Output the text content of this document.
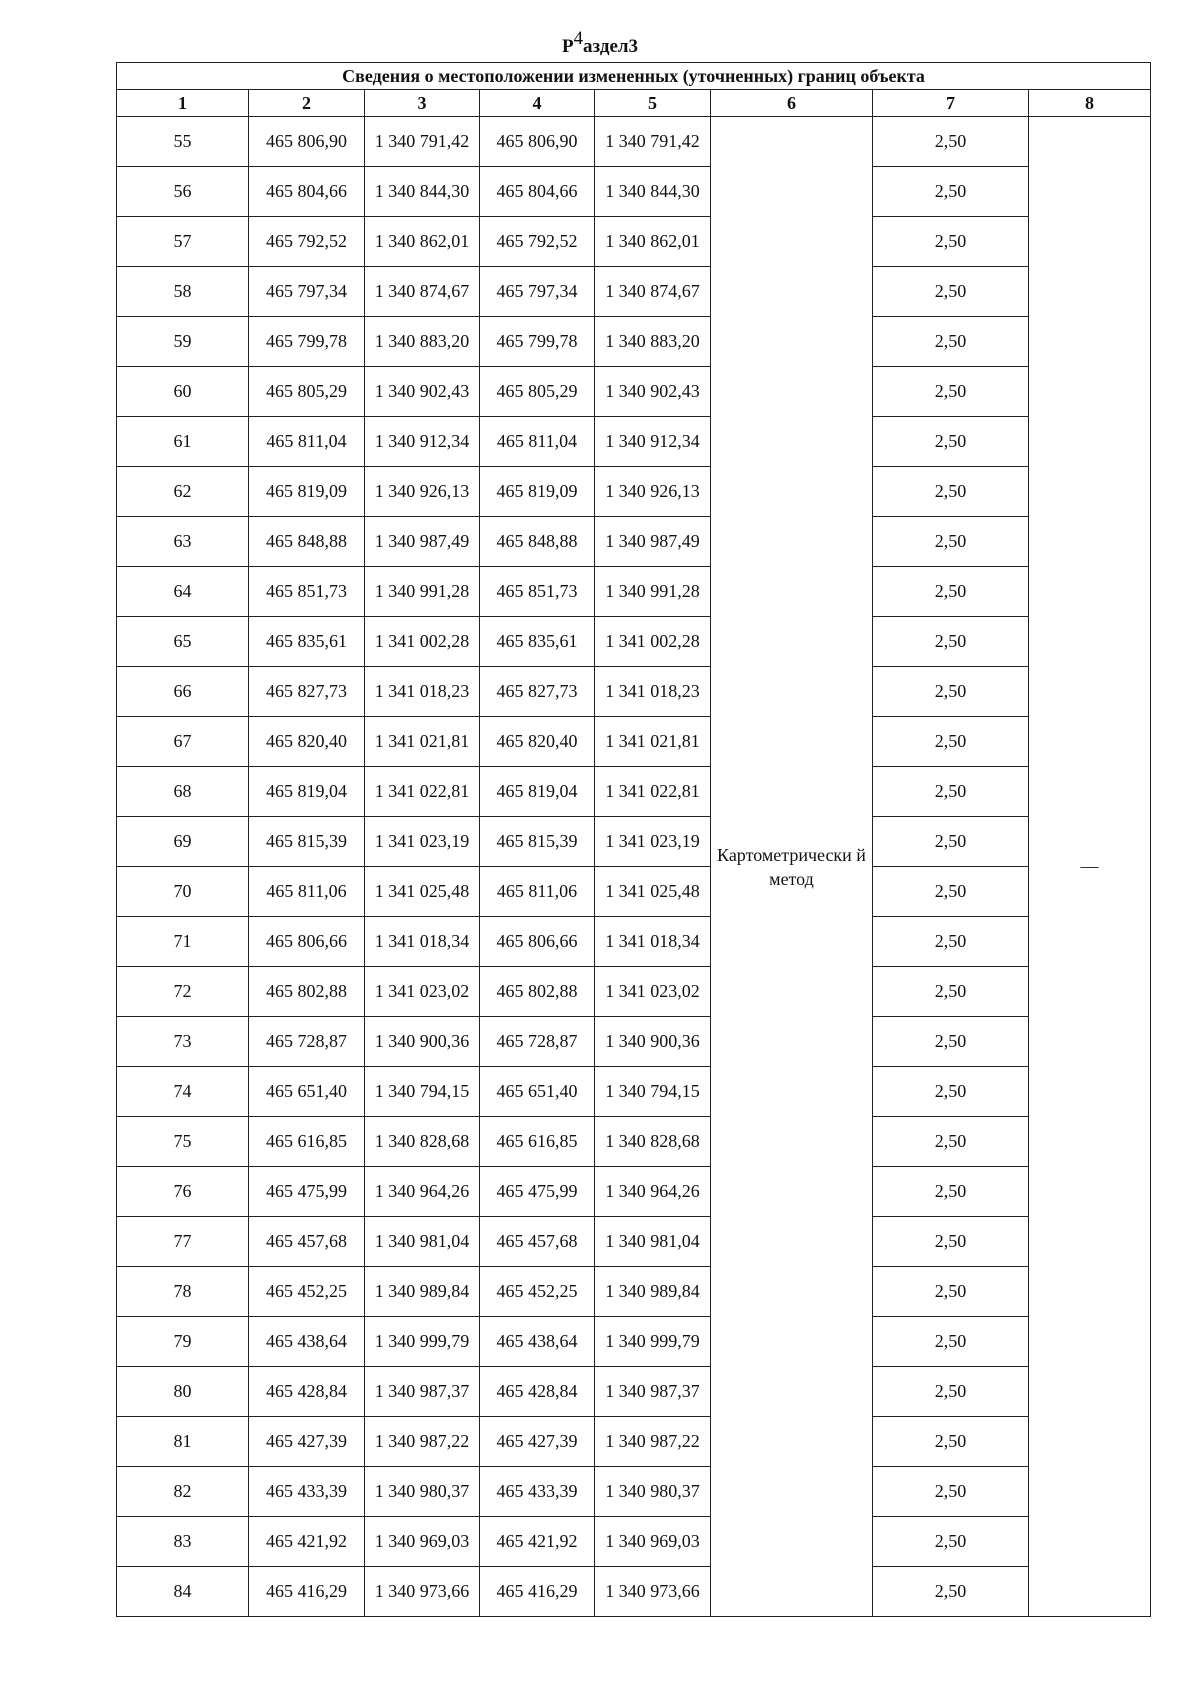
Р4аздел3
Сведения о местоположении измененных (уточненных) границ объекта							
1	2	3	4	5	6	7	8
55	465 806,90	1 340 791,42	465 806,90	1 340 791,42	Картометрически й метод	2,50	—
56	465 804,66	1 340 844,30	465 804,66	1 340 844,30		2,50	
57	465 792,52	1 340 862,01	465 792,52	1 340 862,01		2,50	
58	465 797,34	1 340 874,67	465 797,34	1 340 874,67		2,50	
59	465 799,78	1 340 883,20	465 799,78	1 340 883,20		2,50	
60	465 805,29	1 340 902,43	465 805,29	1 340 902,43		2,50	
61	465 811,04	1 340 912,34	465 811,04	1 340 912,34		2,50	
62	465 819,09	1 340 926,13	465 819,09	1 340 926,13		2,50	
63	465 848,88	1 340 987,49	465 848,88	1 340 987,49		2,50	
64	465 851,73	1 340 991,28	465 851,73	1 340 991,28		2,50	
65	465 835,61	1 341 002,28	465 835,61	1 341 002,28		2,50	
66	465 827,73	1 341 018,23	465 827,73	1 341 018,23		2,50	
67	465 820,40	1 341 021,81	465 820,40	1 341 021,81		2,50	
68	465 819,04	1 341 022,81	465 819,04	1 341 022,81		2,50	
69	465 815,39	1 341 023,19	465 815,39	1 341 023,19		2,50	
70	465 811,06	1 341 025,48	465 811,06	1 341 025,48		2,50	
71	465 806,66	1 341 018,34	465 806,66	1 341 018,34		2,50	
72	465 802,88	1 341 023,02	465 802,88	1 341 023,02		2,50	
73	465 728,87	1 340 900,36	465 728,87	1 340 900,36		2,50	
74	465 651,40	1 340 794,15	465 651,40	1 340 794,15		2,50	
75	465 616,85	1 340 828,68	465 616,85	1 340 828,68		2,50	
76	465 475,99	1 340 964,26	465 475,99	1 340 964,26		2,50	
77	465 457,68	1 340 981,04	465 457,68	1 340 981,04		2,50	
78	465 452,25	1 340 989,84	465 452,25	1 340 989,84		2,50	
79	465 438,64	1 340 999,79	465 438,64	1 340 999,79		2,50	
80	465 428,84	1 340 987,37	465 428,84	1 340 987,37		2,50	
81	465 427,39	1 340 987,22	465 427,39	1 340 987,22		2,50	
82	465 433,39	1 340 980,37	465 433,39	1 340 980,37		2,50	
83	465 421,92	1 340 969,03	465 421,92	1 340 969,03		2,50	
84	465 416,29	1 340 973,66	465 416,29	1 340 973,66		2,50	
